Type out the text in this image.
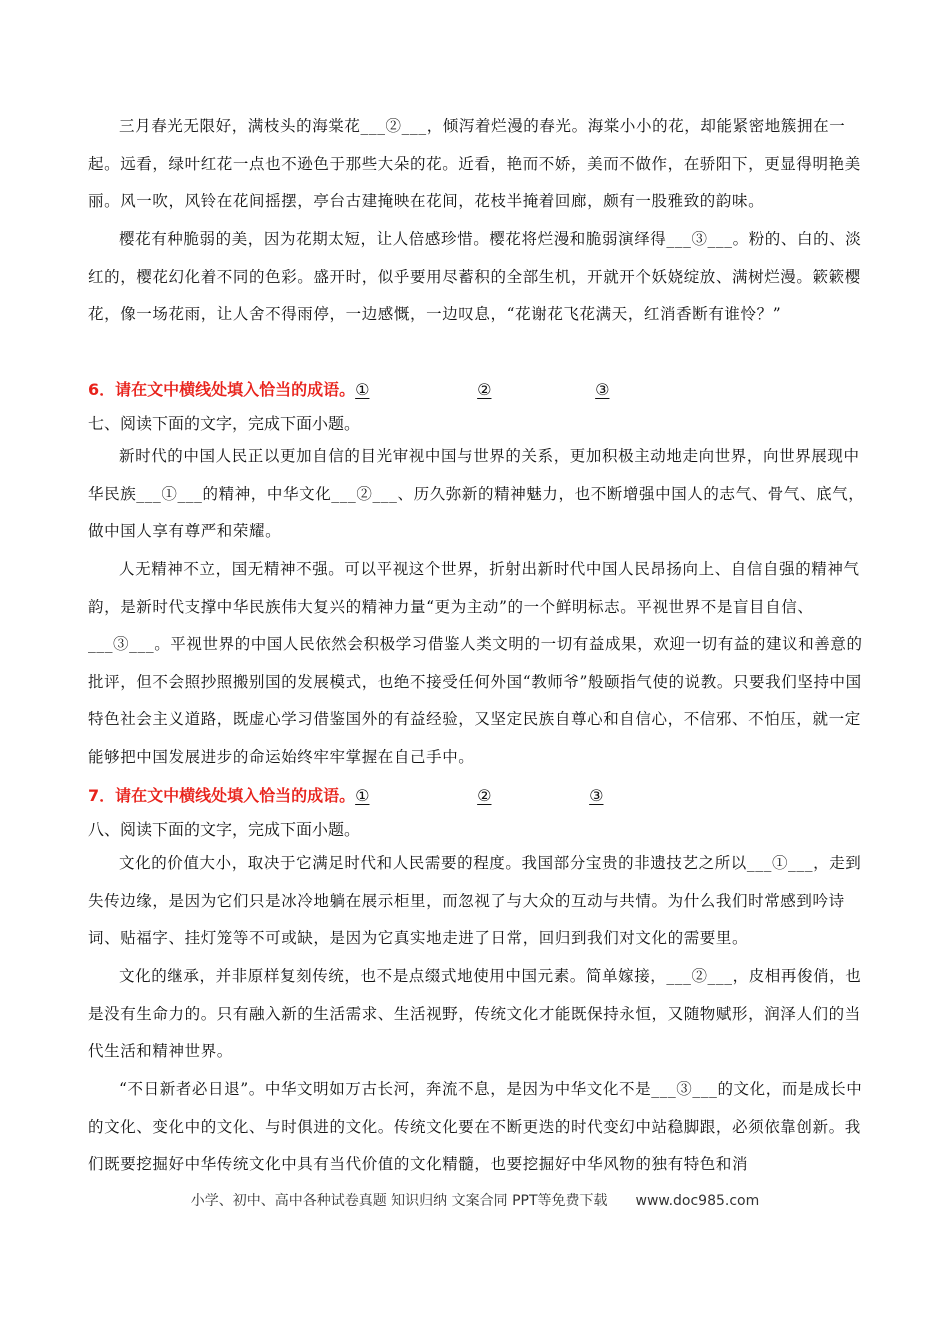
三月春光无限好，满枝头的海棠花___②___，倾泻着烂漫的春光。海棠小小的花，却能紧密地簇拥在一起。远看，绿叶红花一点也不逊色于那些大朵的花。近看，艳而不娇，美而不做作，在骄阳下，更显得明艳美丽。风一吹，风铃在花间摇摆，亭台古建掩映在花间，花枝半掩着回廊，颇有一股雅致的韵味。

樱花有种脆弱的美，因为花期太短，让人倍感珍惜。樱花将烂漫和脆弱演绎得___③___。粉的、白的、淡红的，樱花幻化着不同的色彩。盛开时，似乎要用尽蓄积的全部生机，开就开个妖娆绽放、满树烂漫。簌簌樱花，像一场花雨，让人舍不得雨停，一边感慨，一边叹息，“花谢花飞花满天，红消香断有谁怜？”

6．请在文中横线处填入恰当的成语。①	②	③
七、阅读下面的文字，完成下面小题。

新时代的中国人民正以更加自信的目光审视中国与世界的关系，更加积极主动地走向世界，向世界展现中华民族___①___的精神，中华文化___②___、历久弥新的精神魅力，也不断增强中国人的志气、骨气、底气，做中国人享有尊严和荣耀。

人无精神不立，国无精神不强。可以平视这个世界，折射出新时代中国人民昂扬向上、自信自强的精神气韵，是新时代支撑中华民族伟大复兴的精神力量“更为主动”的一个鲜明标志。平视世界不是盲目自信、___③___。平视世界的中国人民依然会积极学习借鉴人类文明的一切有益成果，欢迎一切有益的建议和善意的批评，但不会照抄照搬别国的发展模式，也绝不接受任何外国“教师爷”般颐指气使的说教。只要我们坚持中国特色社会主义道路，既虚心学习借鉴国外的有益经验，又坚定民族自尊心和自信心，不信邪、不怕压，就一定能够把中国发展进步的命运始终牢牢掌握在自己手中。

7．请在文中横线处填入恰当的成语。①	②	③
八、阅读下面的文字，完成下面小题。

文化的价值大小，取决于它满足时代和人民需要的程度。我国部分宝贵的非遗技艺之所以___①___，走到失传边缘，是因为它们只是冰冷地躺在展示柜里，而忽视了与大众的互动与共情。为什么我们时常感到吟诗词、贴福字、挂灯笼等不可或缺，是因为它真实地走进了日常，回归到我们对文化的需要里。

文化的继承，并非原样复刻传统，也不是点缀式地使用中国元素。简单嫁接，___②___，皮相再俊俏，也是没有生命力的。只有融入新的生活需求、生活视野，传统文化才能既保持永恒，又随物赋形，润泽人们的当代生活和精神世界。

“不日新者必日退”。中华文明如万古长河，奔流不息，是因为中华文化不是___③___的文化，而是成长中的文化、变化中的文化、与时俱进的文化。传统文化要在不断更迭的时代变幻中站稳脚跟，必须依靠创新。我们既要挖掘好中华传统文化中具有当代价值的文化精髓，也要挖掘好中华风物的独有特色和消

小学、初中、高中各种试卷真题 知识归纳 文案合同 PPT等免费下载 www.doc985.com
